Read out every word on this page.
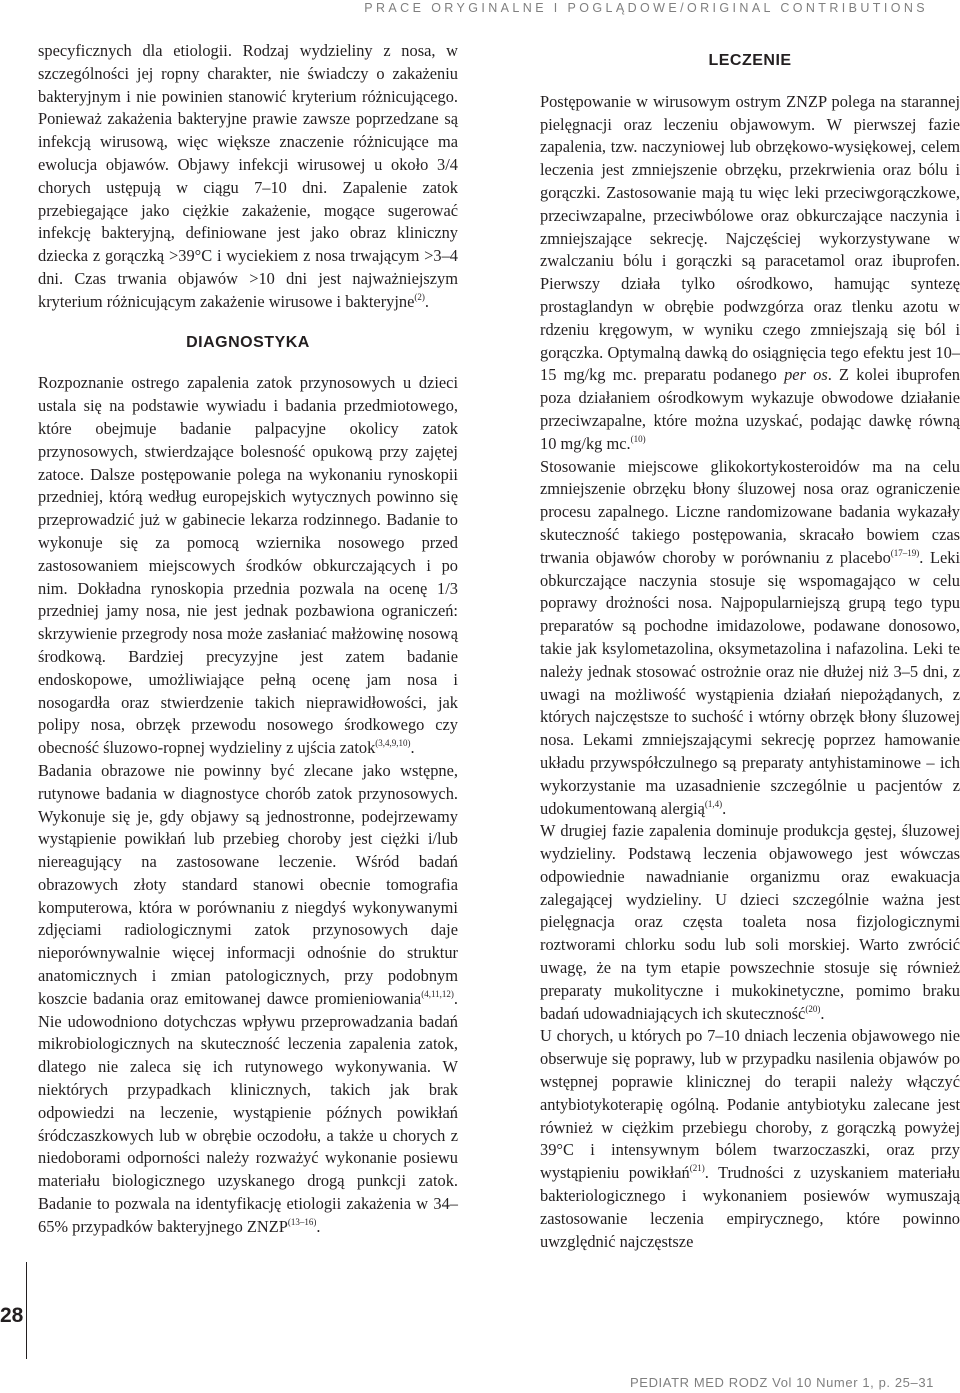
PRACE ORYGINALNE I POGLĄDOWE/ORIGINAL CONTRIBUTIONS

specyficznych dla etiologii. Rodzaj wydzieliny z nosa, w szczególności jej ropny charakter, nie świadczy o zakażeniu bakteryjnym i nie powinien stanowić kryterium różnicującego. Ponieważ zakażenia bakteryjne prawie zawsze poprzedzane są infekcją wirusową, więc większe znaczenie różnicujące ma ewolucja objawów. Objawy infekcji wirusowej u około 3/4 chorych ustępują w ciągu 7–10 dni. Zapalenie zatok przebiegające jako ciężkie zakażenie, mogące sugerować infekcję bakteryjną, definiowane jest jako obraz kliniczny dziecka z gorączką >39°C i wyciekiem z nosa trwającym >3–4 dni. Czas trwania objawów >10 dni jest najważniejszym kryterium różnicującym zakażenie wirusowe i bakteryjne$^{(2)}$.

DIAGNOSTYKA

Rozpoznanie ostrego zapalenia zatok przynosowych u dzieci ustala się na podstawie wywiadu i badania przedmiotowego, które obejmuje badanie palpacyjne okolicy zatok przynosowych, stwierdzające bolesność opukową przy zajętej zatoce. Dalsze postępowanie polega na wykonaniu rynoskopii przedniej, którą według europejskich wytycznych powinno się przeprowadzić już w gabinecie lekarza rodzinnego. Badanie to wykonuje się za pomocą wziernika nosowego przed zastosowaniem miejscowych środków obkurczających i po nim. Dokładna rynoskopia przednia pozwala na ocenę 1/3 przedniej jamy nosa, nie jest jednak pozbawiona ograniczeń: skrzywienie przegrody nosa może zasłaniać małżowinę nosową środkową. Bardziej precyzyjne jest zatem badanie endoskopowe, umożliwiające pełną ocenę jam nosa i nosogardła oraz stwierdzenie takich nieprawidłowości, jak polipy nosa, obrzęk przewodu nosowego środkowego czy obecność śluzowo-ropnej wydzieliny z ujścia zatok$^{(3,4,9,10)}$.

Badania obrazowe nie powinny być zlecane jako wstępne, rutynowe badania w diagnostyce chorób zatok przynosowych. Wykonuje się je, gdy objawy są jednostronne, podejrzewamy wystąpienie powikłań lub przebieg choroby jest ciężki i/lub niereagujący na zastosowane leczenie. Wśród badań obrazowych złoty standard stanowi obecnie tomografia komputerowa, która w porównaniu z niegdyś wykonywanymi zdjęciami radiologicznymi zatok przynosowych daje nieporównywalnie więcej informacji odnośnie do struktur anatomicznych i zmian patologicznych, przy podobnym koszcie badania oraz emitowanej dawce promieniowania$^{(4,11,12)}$. Nie udowodniono dotychczas wpływu przeprowadzania badań mikrobiologicznych na skuteczność leczenia zapalenia zatok, dlatego nie zaleca się ich rutynowego wykonywania. W niektórych przypadkach klinicznych, takich jak brak odpowiedzi na leczenie, wystąpienie późnych powikłań śródczaszkowych lub w obrębie oczodołu, a także u chorych z niedoborami odporności należy rozważyć wykonanie posiewu materiału biologicznego uzyskanego drogą punkcji zatok. Badanie to pozwala na identyfikację etiologii zakażenia w 34–65% przypadków bakteryjnego ZNZP$^{(13-16)}$.

LECZENIE

Postępowanie w wirusowym ostrym ZNZP polega na starannej pielęgnacji oraz leczeniu objawowym. W pierwszej fazie zapalenia, tzw. naczyniowej lub obrzękowo-wysiękowej, celem leczenia jest zmniejszenie obrzęku, przekrwienia oraz bólu i gorączki. Zastosowanie mają tu więc leki przeciwgorączkowe, przeciwzapalne, przeciwbólowe oraz obkurczające naczynia i zmniejszające sekrecję. Najczęściej wykorzystywane w zwalczaniu bólu i gorączki są paracetamol oraz ibuprofen. Pierwszy działa tylko ośrodkowo, hamując syntezę prostaglandyn w obrębie podwzgórza oraz tlenku azotu w rdzeniu kręgowym, w wyniku czego zmniejszają się ból i gorączka. Optymalną dawką do osiągnięcia tego efektu jest 10–15 mg/kg mc. preparatu podanego per os. Z kolei ibuprofen poza działaniem ośrodkowym wykazuje obwodowe działanie przeciwzapalne, które można uzyskać, podając dawkę równą 10 mg/kg mc.$^{(10)}$

Stosowanie miejscowe glikokortykosteroidów ma na celu zmniejszenie obrzęku błony śluzowej nosa oraz ograniczenie procesu zapalnego. Liczne randomizowane badania wykazały skuteczność takiego postępowania, skracało bowiem czas trwania objawów choroby w porównaniu z placebo$^{(17-19)}$. Leki obkurczające naczynia stosuje się wspomagająco w celu poprawy drożności nosa. Najpopularniejszą grupą tego typu preparatów są pochodne imidazolowe, podawane donosowo, takie jak ksylometazolina, oksymetazolina i nafazolina. Leki te należy jednak stosować ostrożnie oraz nie dłużej niż 3–5 dni, z uwagi na możliwość wystąpienia działań niepożądanych, z których najczęstsze to suchość i wtórny obrzęk błony śluzowej nosa. Lekami zmniejszającymi sekrecję poprzez hamowanie układu przywspółczulnego są preparaty antyhistaminowe – ich wykorzystanie ma uzasadnienie szczególnie u pacjentów z udokumentowaną alergią$^{(1,4)}$.

W drugiej fazie zapalenia dominuje produkcja gęstej, śluzowej wydzieliny. Podstawą leczenia objawowego jest wówczas odpowiednie nawadnianie organizmu oraz ewakuacja zalegającej wydzieliny. U dzieci szczególnie ważna jest pielęgnacja oraz częsta toaleta nosa fizjologicznymi roztworami chlorku sodu lub soli morskiej. Warto zwrócić uwagę, że na tym etapie powszechnie stosuje się również preparaty mukolityczne i mukokinetyczne, pomimo braku badań udowadniających ich skuteczność$^{(20)}$.

U chorych, u których po 7–10 dniach leczenia objawowego nie obserwuje się poprawy, lub w przypadku nasilenia objawów po wstępnej poprawie klinicznej do terapii należy włączyć antybiotykoterapię ogólną. Podanie antybiotyku zalecane jest również w ciężkim przebiegu choroby, z gorączką powyżej 39°C i intensywnym bólem twarzoczaszki, oraz przy wystąpieniu powikłań$^{(21)}$. Trudności z uzyskaniem materiału bakteriologicznego i wykonaniem posiewów wymuszają zastosowanie leczenia empirycznego, które powinno uwzględnić najczęstsze

28
PEDIATR MED RODZ Vol 10 Numer 1, p. 25–31
